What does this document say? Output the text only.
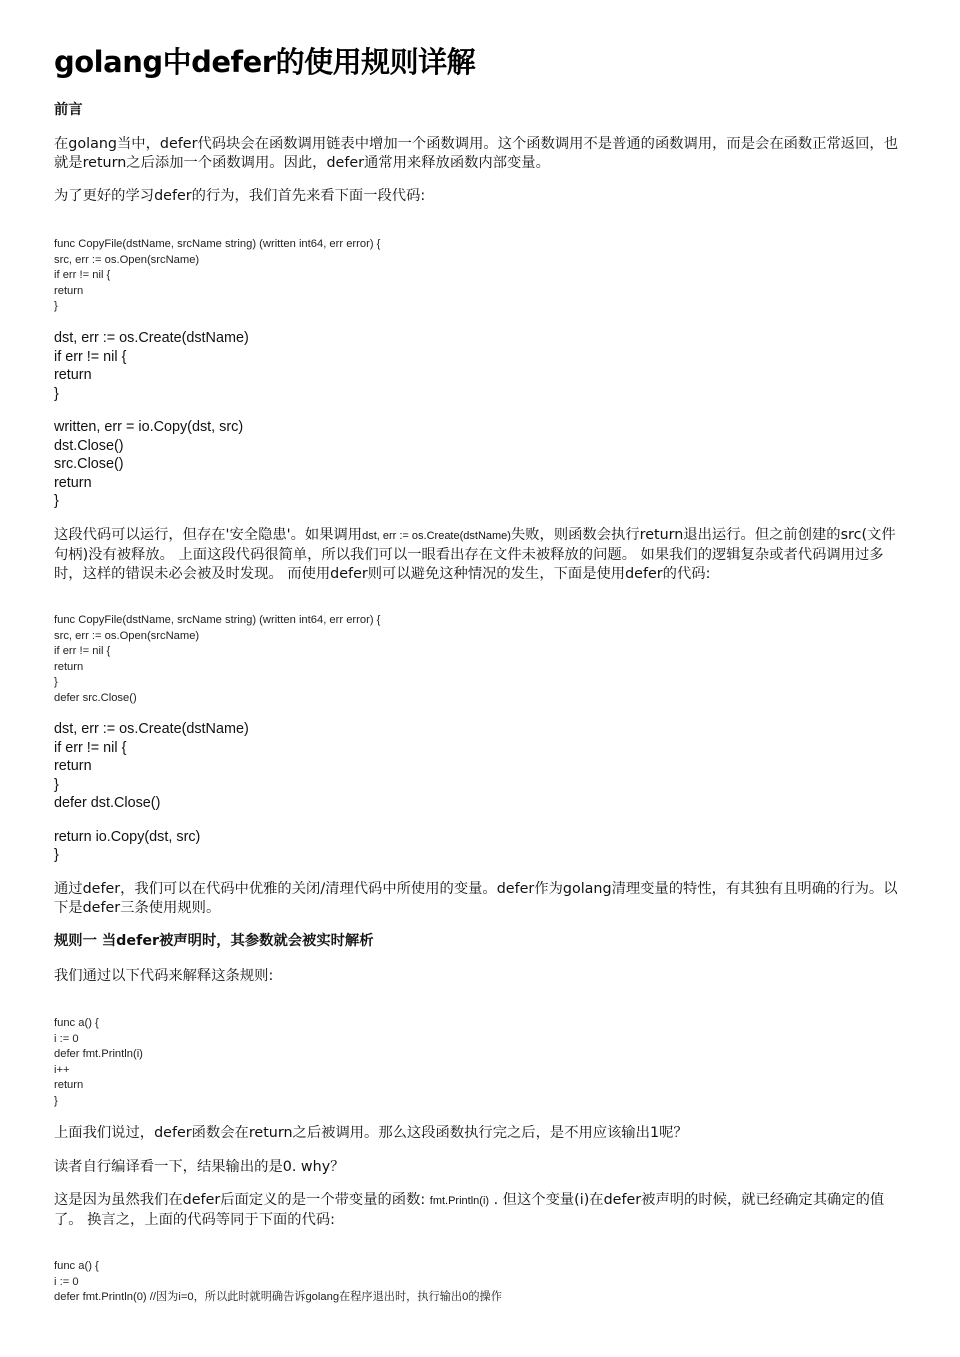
golang中defer的使用规则详解

前言

在golang当中，defer代码块会在函数调用链表中增加一个函数调用。这个函数调用不是普通的函数调用，而是会在函数正常返回，也就是return之后添加一个函数调用。因此，defer通常用来释放函数内部变量。

为了更好的学习defer的行为，我们首先来看下面一段代码:

func CopyFile(dstName, srcName string) (written int64, err error) {
src, err := os.Open(srcName)
if err != nil {
return
}
dst, err := os.Create(dstName)
if err != nil {
return
}
written, err = io.Copy(dst, src)
dst.Close()
src.Close()
return
}

这段代码可以运行，但存在'安全隐患'。如果调用dst, err := os.Create(dstName)失败，则函数会执行return退出运行。但之前创建的src(文件句柄)没有被释放。 上面这段代码很简单，所以我们可以一眼看出存在文件未被释放的问题。 如果我们的逻辑复杂或者代码调用过多时，这样的错误未必会被及时发现。 而使用defer则可以避免这种情况的发生，下面是使用defer的代码:

func CopyFile(dstName, srcName string) (written int64, err error) {
src, err := os.Open(srcName)
if err != nil {
return
}
defer src.Close()
dst, err := os.Create(dstName)
if err != nil {
return
}
defer dst.Close()
return io.Copy(dst, src)
}

通过defer，我们可以在代码中优雅的关闭/清理代码中所使用的变量。defer作为golang清理变量的特性，有其独有且明确的行为。以下是defer三条使用规则。

规则一 当defer被声明时，其参数就会被实时解析

我们通过以下代码来解释这条规则:

func a() {
i := 0
defer fmt.Println(i)
i++
return
}

上面我们说过，defer函数会在return之后被调用。那么这段函数执行完之后，是不用应该输出1呢？

读者自行编译看一下，结果输出的是0. why？

这是因为虽然我们在defer后面定义的是一个带变量的函数: fmt.Println(i) . 但这个变量(i)在defer被声明的时候，就已经确定其确定的值了。 换言之，上面的代码等同于下面的代码:

func a() {
i := 0
defer fmt.Println(0) //因为i=0，所以此时就明确告诉golang在程序退出时，执行输出0的操作
